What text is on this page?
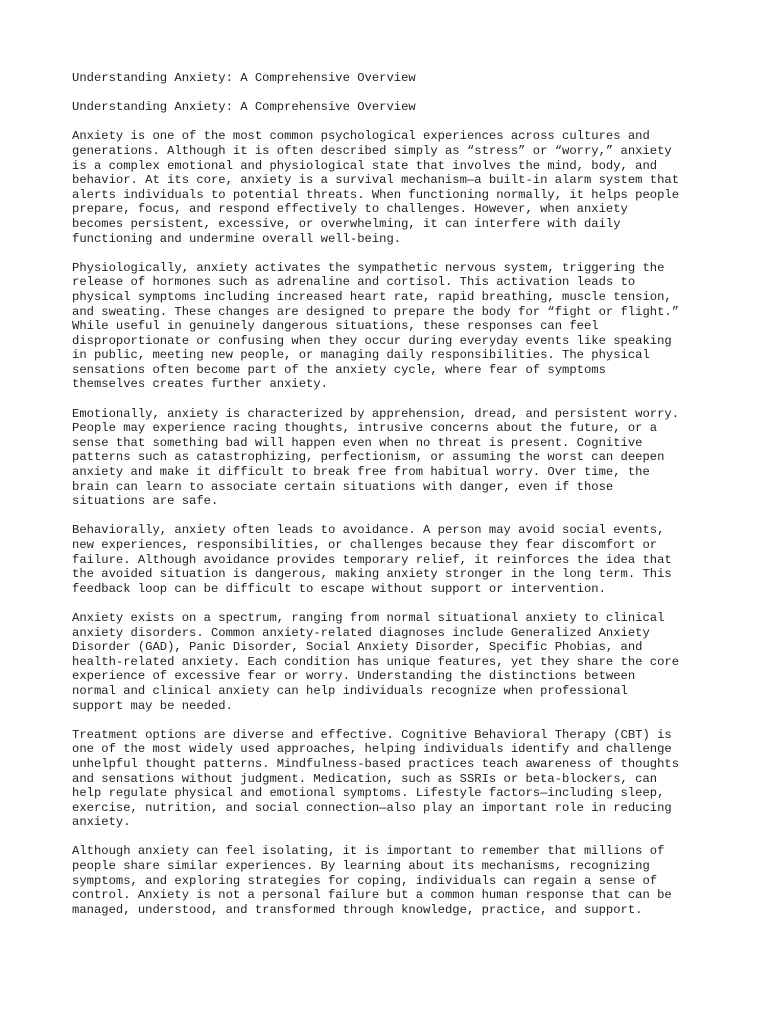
Understanding Anxiety: A Comprehensive Overview

Understanding Anxiety: A Comprehensive Overview

Anxiety is one of the most common psychological experiences across cultures and
generations. Although it is often described simply as “stress” or “worry,” anxiety
is a complex emotional and physiological state that involves the mind, body, and
behavior. At its core, anxiety is a survival mechanism—a built-in alarm system that
alerts individuals to potential threats. When functioning normally, it helps people
prepare, focus, and respond effectively to challenges. However, when anxiety
becomes persistent, excessive, or overwhelming, it can interfere with daily
functioning and undermine overall well-being.

Physiologically, anxiety activates the sympathetic nervous system, triggering the
release of hormones such as adrenaline and cortisol. This activation leads to
physical symptoms including increased heart rate, rapid breathing, muscle tension,
and sweating. These changes are designed to prepare the body for “fight or flight.”
While useful in genuinely dangerous situations, these responses can feel
disproportionate or confusing when they occur during everyday events like speaking
in public, meeting new people, or managing daily responsibilities. The physical
sensations often become part of the anxiety cycle, where fear of symptoms
themselves creates further anxiety.

Emotionally, anxiety is characterized by apprehension, dread, and persistent worry.
People may experience racing thoughts, intrusive concerns about the future, or a
sense that something bad will happen even when no threat is present. Cognitive
patterns such as catastrophizing, perfectionism, or assuming the worst can deepen
anxiety and make it difficult to break free from habitual worry. Over time, the
brain can learn to associate certain situations with danger, even if those
situations are safe.

Behaviorally, anxiety often leads to avoidance. A person may avoid social events,
new experiences, responsibilities, or challenges because they fear discomfort or
failure. Although avoidance provides temporary relief, it reinforces the idea that
the avoided situation is dangerous, making anxiety stronger in the long term. This
feedback loop can be difficult to escape without support or intervention.

Anxiety exists on a spectrum, ranging from normal situational anxiety to clinical
anxiety disorders. Common anxiety-related diagnoses include Generalized Anxiety
Disorder (GAD), Panic Disorder, Social Anxiety Disorder, Specific Phobias, and
health-related anxiety. Each condition has unique features, yet they share the core
experience of excessive fear or worry. Understanding the distinctions between
normal and clinical anxiety can help individuals recognize when professional
support may be needed.

Treatment options are diverse and effective. Cognitive Behavioral Therapy (CBT) is
one of the most widely used approaches, helping individuals identify and challenge
unhelpful thought patterns. Mindfulness-based practices teach awareness of thoughts
and sensations without judgment. Medication, such as SSRIs or beta-blockers, can
help regulate physical and emotional symptoms. Lifestyle factors—including sleep,
exercise, nutrition, and social connection—also play an important role in reducing
anxiety.

Although anxiety can feel isolating, it is important to remember that millions of
people share similar experiences. By learning about its mechanisms, recognizing
symptoms, and exploring strategies for coping, individuals can regain a sense of
control. Anxiety is not a personal failure but a common human response that can be
managed, understood, and transformed through knowledge, practice, and support.
